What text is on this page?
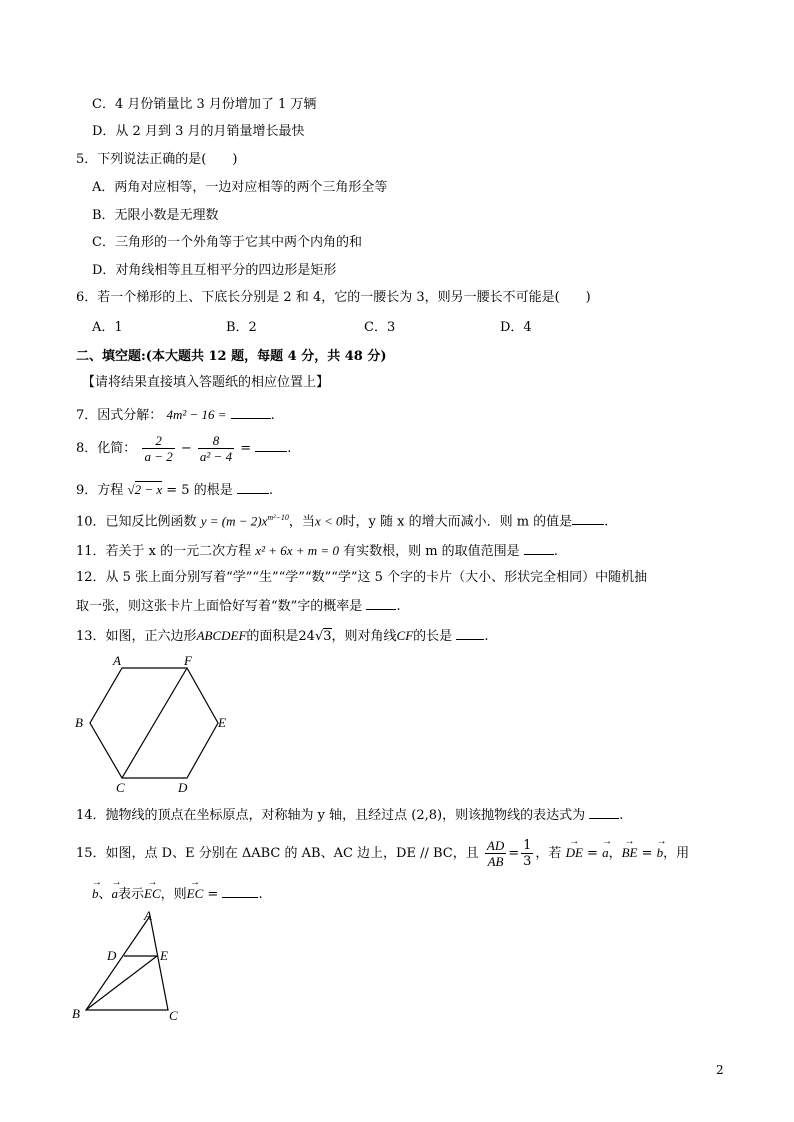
C．4 月份销量比 3 月份增加了 1 万辆
D．从 2 月到 3 月的月销量增长最快
5．下列说法正确的是(　　)
A．两角对应相等，一边对应相等的两个三角形全等
B．无限小数是无理数
C．三角形的一个外角等于它其中两个内角的和
D．对角线相等且互相平分的四边形是矩形
6．若一个梯形的上、下底长分别是 2 和 4，它的一腰长为 3，则另一腰长不可能是(　　)
A．1	B．2	C．3	D．4
二、填空题:(本大题共 12 题，每题 4 分，共 48 分)
【请将结果直接填入答题纸的相应位置上】
7．因式分解： 4m² − 16 =	.
8．化简： $\frac{2}{a - 2} - \frac{8}{\text{a² − 4}}$ =	.
9．方程 √2 − x = 5 的根是	.
10．已知反比例函数 $y = (m - 2)x^{m^2-10}$，当x < 0时，y 随 x 的增大而减小．则 m 的值是 .
11．若关于 x 的一元二次方程 x² + 6x + m = 0 有实数根，则 m 的取值范围是	.
12．从 5 张上面分别写着“学”“生”“学”“数”“学”这 5 个字的卡片（大小、形状完全相同）中随机抽
取一张，则这张卡片上面恰好写着“数”字的概率是	.
13．如图，正六边形ABCDEF的面积是24√3，则对角线CF的长是 .
A	F
B	E
C	D
14．抛物线的顶点在坐标原点，对称轴为 y 轴，且经过点 (2,8)，则该抛物线的表达式为	.
15．如图，点 D、E 分别在 ΔABC 的 AB、AC 边上，DE // BC，且 $\frac{AD}{AB} = \frac{1}{3}$ ，若 → DE = → a，→ BE = → b，用
→ b、→ a表示→ EC，则→ EC =	.
A
B	C
D	E
2
